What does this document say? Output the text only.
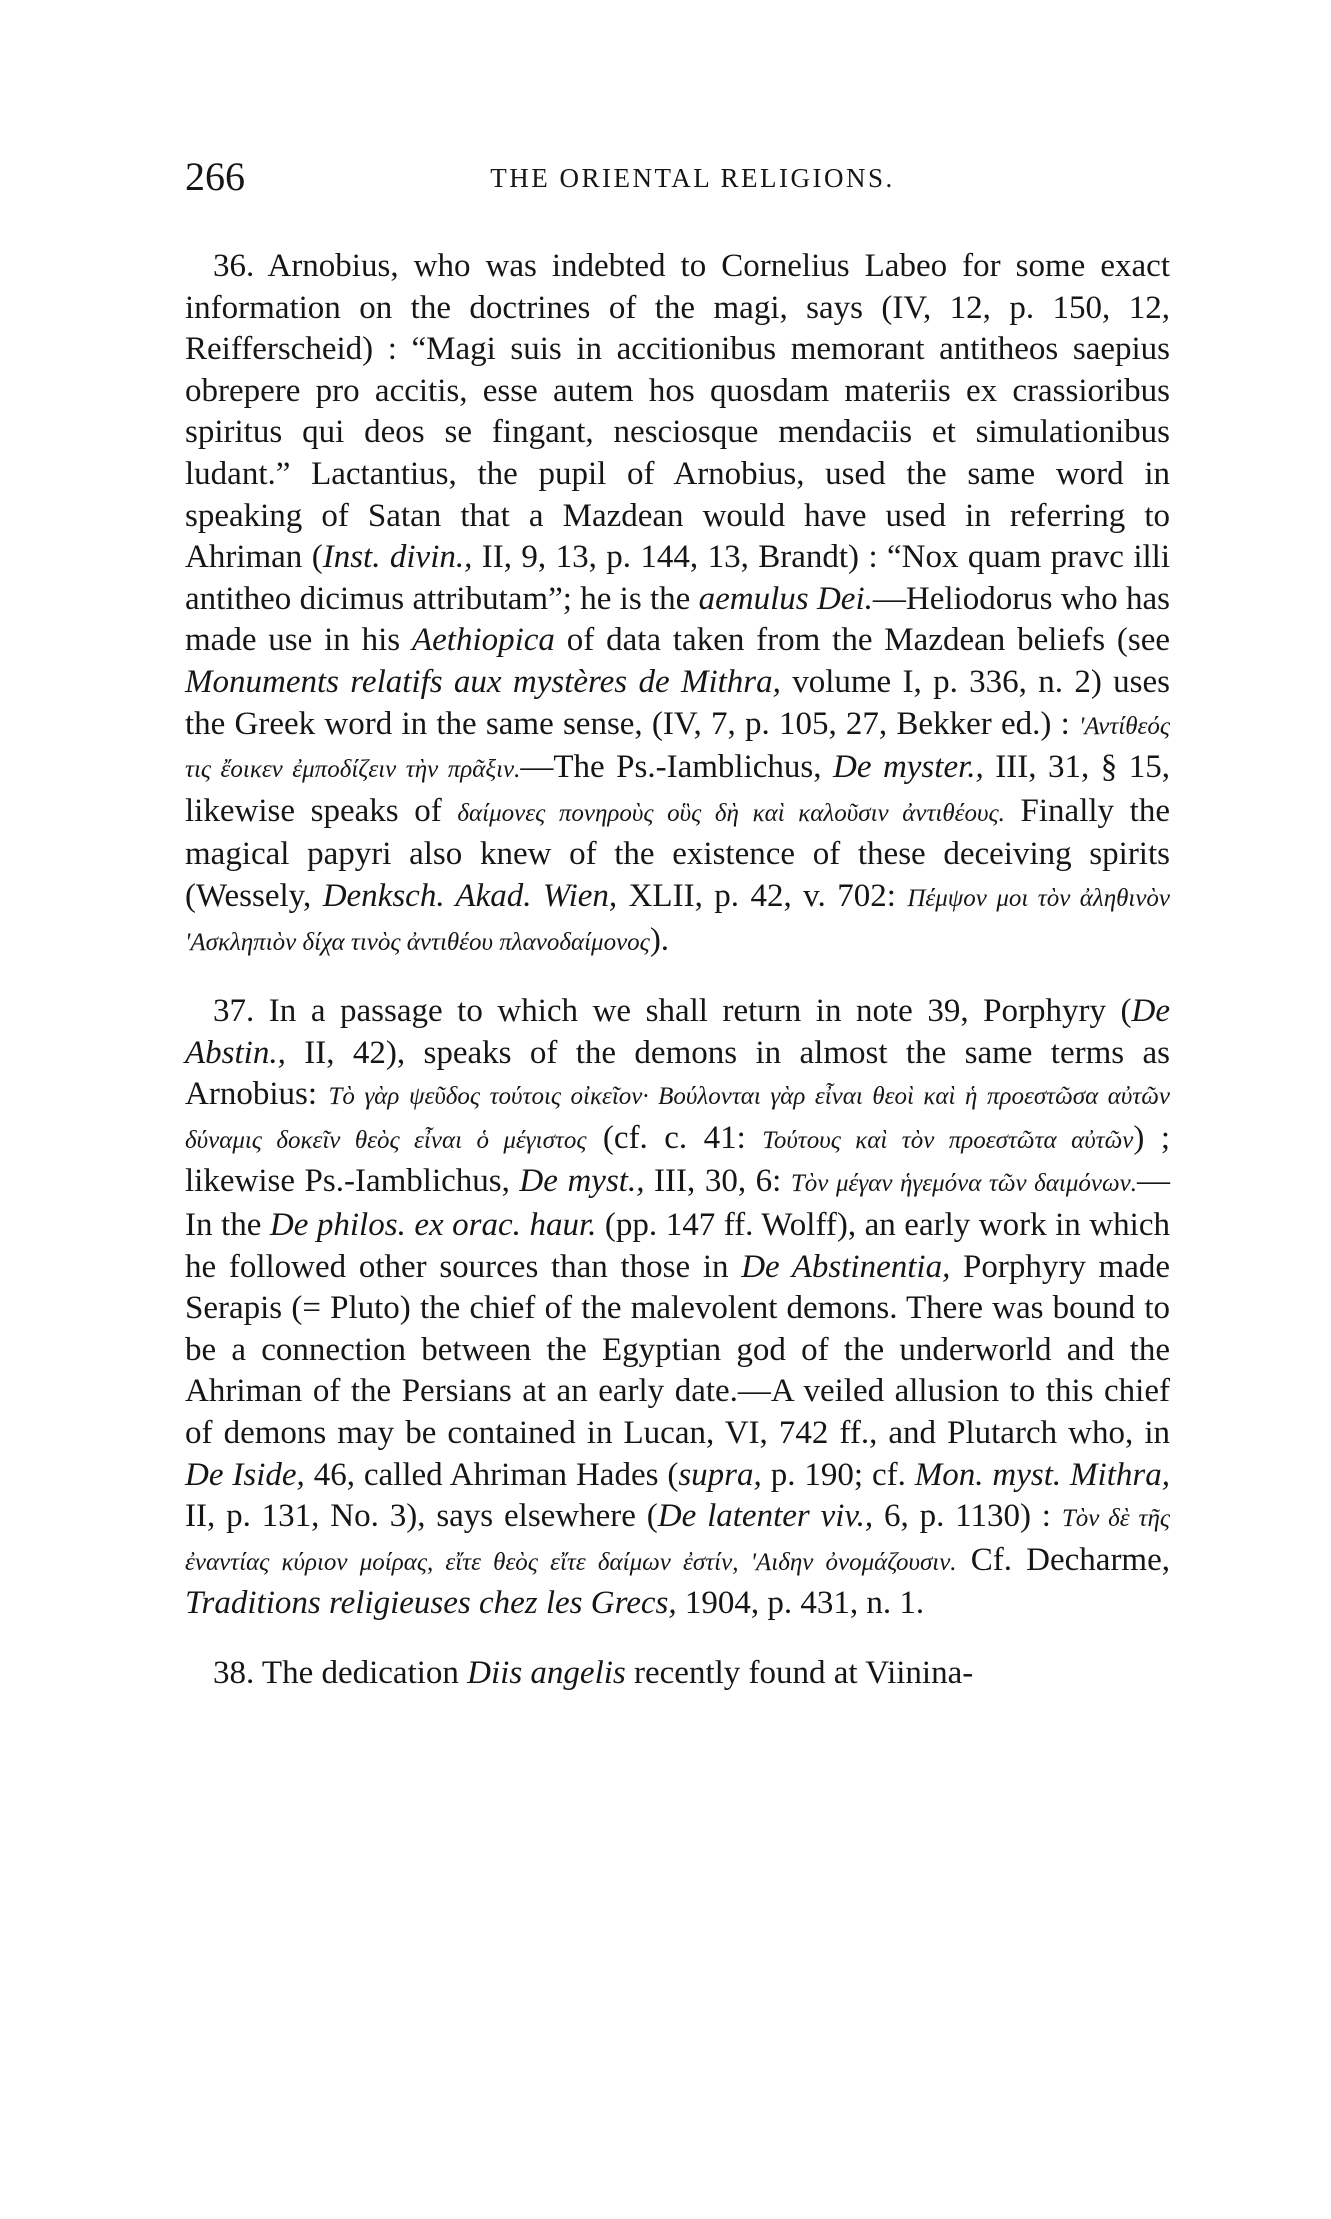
266	THE ORIENTAL RELIGIONS.

36. Arnobius, who was indebted to Cornelius Labeo for some exact information on the doctrines of the magi, says (IV, 12, p. 150, 12, Reifferscheid) : “Magi suis in accitionibus memorant antitheos saepius obrepere pro accitis, esse autem hos quosdam materiis ex crassioribus spiritus qui deos se fingant, nesciosque mendaciis et simulationibus ludant.” Lactantius, the pupil of Arnobius, used the same word in speaking of Satan that a Mazdean would have used in referring to Ahriman (Inst. divin., II, 9, 13, p. 144, 13, Brandt) : “Nox quam pravc illi antitheo dicimus attributam”; he is the aemulus Dei.—Heliodorus who has made use in his Aethiopica of data taken from the Mazdean beliefs (see Monuments relatifs aux mystères de Mithra, volume I, p. 336, n. 2) uses the Greek word in the same sense, (IV, 7, p. 105, 27, Bekker ed.) : 'Αντίθεός τις ἔοικεν ἐμποδίζειν τὴν πρᾶξιν.—The Ps.-Iamblichus, De myster., III, 31, § 15, likewise speaks of δαίμονες πονηροὺς οὓς δὴ καὶ καλοῦσιν ἀντιθέους. Finally the magical papyri also knew of the existence of these deceiving spirits (Wessely, Denksch. Akad. Wien, XLII, p. 42, v. 702: Πέμψον μοι τὸν ἀληθινὸν 'Ασκληπιὸν δίχα τινὸς ἀντιθέου πλανοδαίμονος).

37. In a passage to which we shall return in note 39, Porphyry (De Abstin., II, 42), speaks of the demons in almost the same terms as Arnobius: Τὸ γὰρ ψεῦδος τούτοις οἰκεῖον· Βούλονται γὰρ εἶναι θεοὶ καὶ ἡ προεστῶσα αὐτῶν δύναμις δοκεῖν θεὸς εἶναι ὁ μέγιστος (cf. c. 41: Τούτους καὶ τὸν προεστῶτα αὐτῶν) ; likewise Ps.-Iamblichus, De myst., III, 30, 6: Τὸν μέγαν ἡγεμόνα τῶν δαιμόνων.—In the De philos. ex orac. haur. (pp. 147 ff. Wolff), an early work in which he followed other sources than those in De Abstinentia, Porphyry made Serapis (= Pluto) the chief of the malevolent demons. There was bound to be a connection between the Egyptian god of the underworld and the Ahriman of the Persians at an early date.—A veiled allusion to this chief of demons may be contained in Lucan, VI, 742 ff., and Plutarch who, in De Iside, 46, called Ahriman Hades (supra, p. 190; cf. Mon. myst. Mithra, II, p. 131, No. 3), says elsewhere (De latenter viv., 6, p. 1130) : Τὸν δὲ τῆς ἐναντίας κύριον μοίρας, εἴτε θεὸς εἴτε δαίμων ἐστίν, 'Αιδην ὀνομάζουσιν. Cf. Decharme, Traditions religieuses chez les Grecs, 1904, p. 431, n. 1.

38. The dedication Diis angelis recently found at Viinina-
